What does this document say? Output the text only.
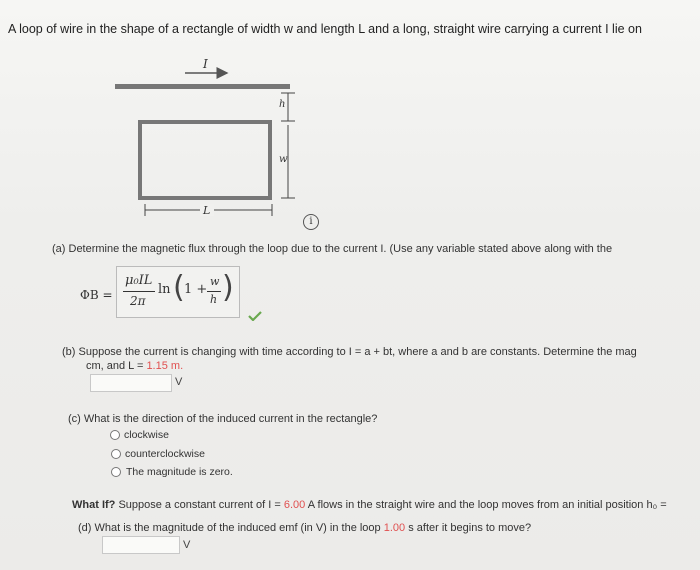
A loop of wire in the shape of a rectangle of width w and length L and a long, straight wire carrying a current I lie on
I
h
w
L
i
(a) Determine the magnetic flux through the loop due to the current I. (Use any variable stated above along with the
ΦB =
μ₀IL
2π
ln ( 1 +
w
h )
(b) Suppose the current is changing with time according to I = a + bt, where a and b are constants. Determine the mag
cm, and L = 1.15 m.
V
(c) What is the direction of the induced current in the rectangle?
clockwise
counterclockwise
The magnitude is zero.
What If? Suppose a constant current of I = 6.00 A flows in the straight wire and the loop moves from an initial position h₀ =
(d) What is the magnitude of the induced emf (in V) in the loop 1.00 s after it begins to move?
V
